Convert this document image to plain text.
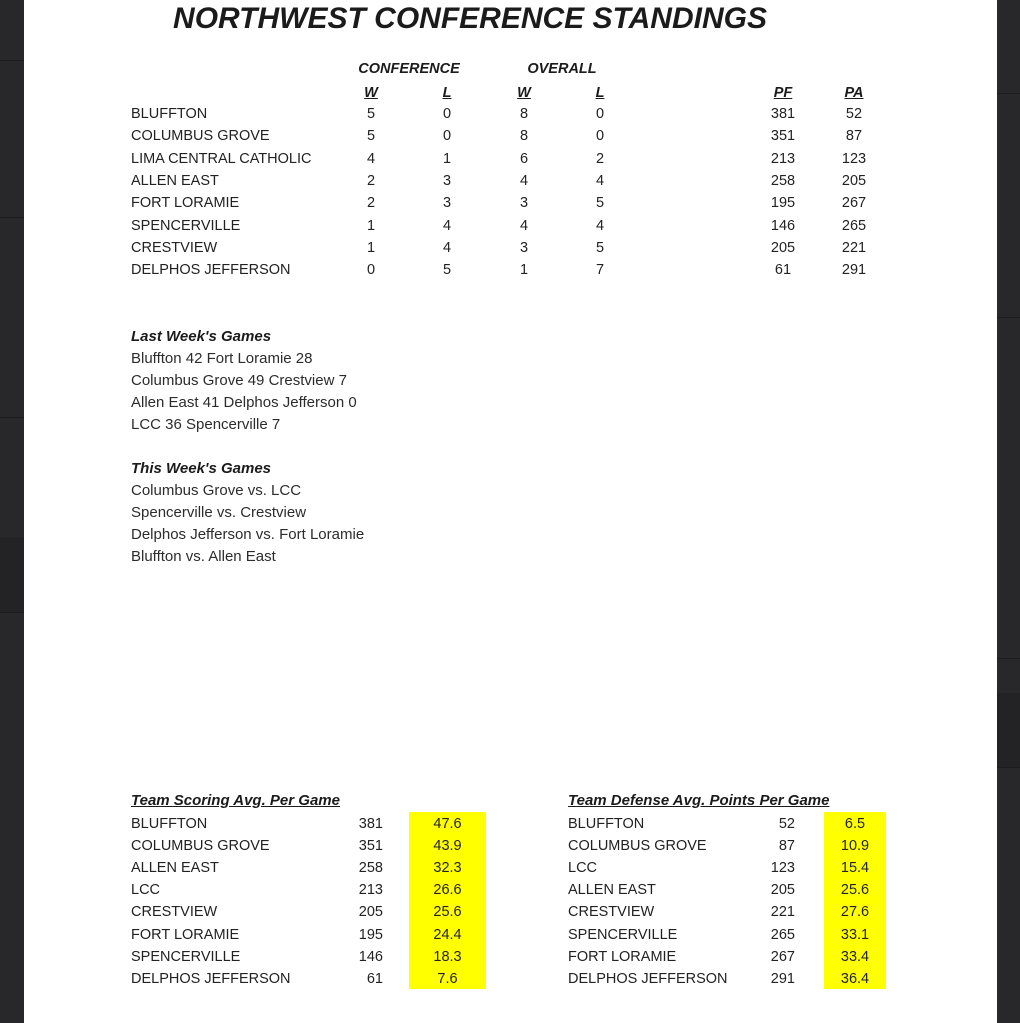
NORTHWEST CONFERENCE STANDINGS
CONFERENCE	OVERALL
W	L	W	L	PF	PA
BLUFFTON	5	0	8	0	381	52
COLUMBUS GROVE	5	0	8	0	351	87
LIMA CENTRAL CATHOLIC	4	1	6	2	213	123
ALLEN EAST	2	3	4	4	258	205
FORT LORAMIE	2	3	3	5	195	267
SPENCERVILLE	1	4	4	4	146	265
CRESTVIEW	1	4	3	5	205	221
DELPHOS JEFFERSON	0	5	1	7	61	291
Last Week's Games
Bluffton 42 Fort Loramie 28
Columbus Grove 49 Crestview 7
Allen East 41 Delphos Jefferson 0
LCC 36 Spencerville 7
This Week's Games
Columbus Grove vs. LCC
Spencerville vs. Crestview
Delphos Jefferson vs. Fort Loramie
Bluffton vs. Allen East
Team Scoring Avg. Per Game
BLUFFTON	381	47.6
COLUMBUS GROVE	351	43.9
ALLEN EAST	258	32.3
LCC	213	26.6
CRESTVIEW	205	25.6
FORT LORAMIE	195	24.4
SPENCERVILLE	146	18.3
DELPHOS JEFFERSON	61	7.6
Team Defense Avg. Points Per Game
BLUFFTON	52	6.5
COLUMBUS GROVE	87	10.9
LCC	123	15.4
ALLEN EAST	205	25.6
CRESTVIEW	221	27.6
SPENCERVILLE	265	33.1
FORT LORAMIE	267	33.4
DELPHOS JEFFERSON	291	36.4
